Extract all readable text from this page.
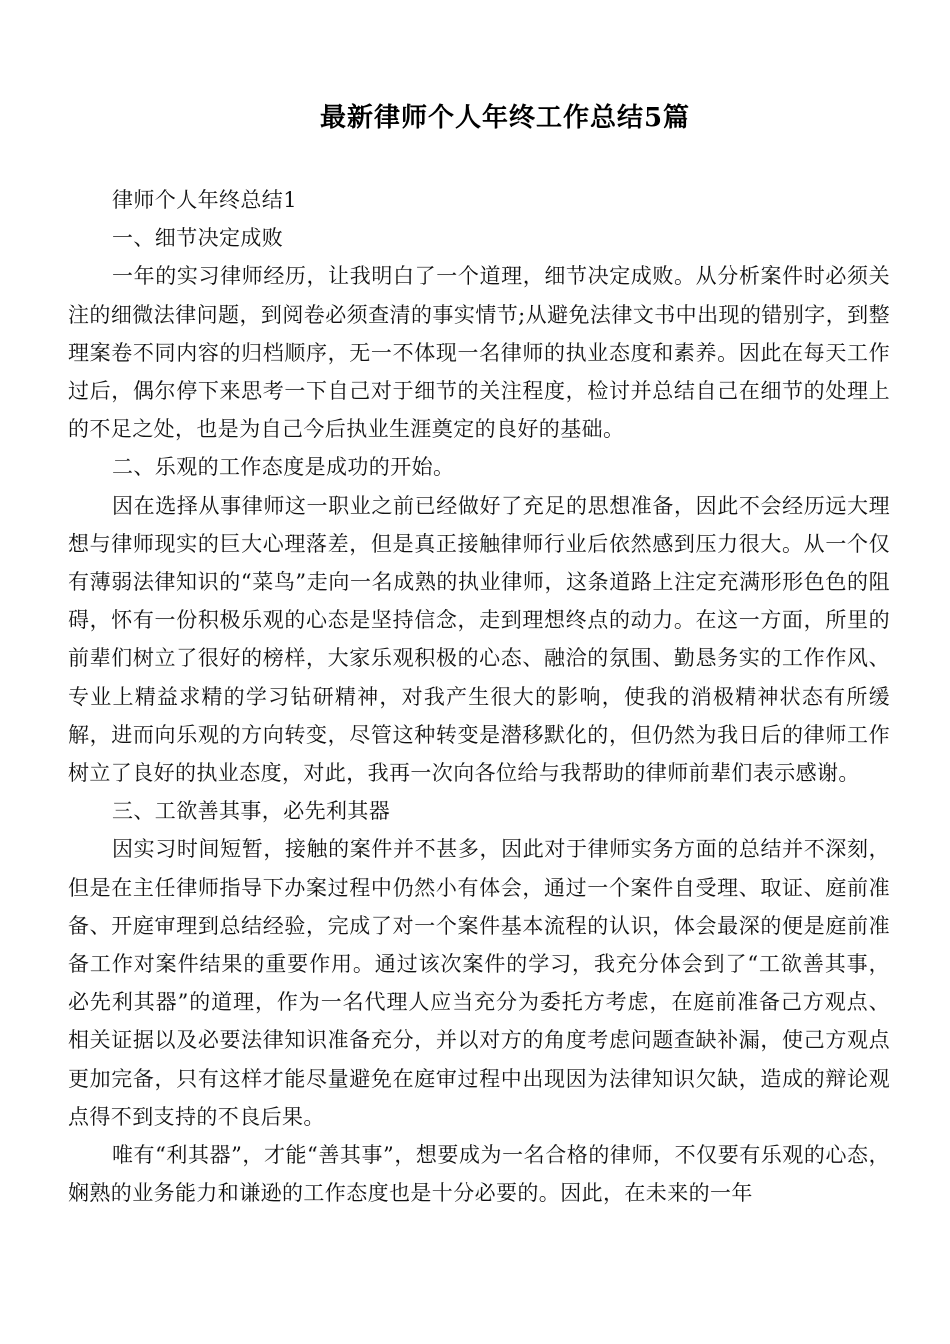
最新律师个人年终工作总结5篇

律师个人年终总结1

一、细节决定成败

一年的实习律师经历，让我明白了一个道理，细节决定成败。从分析案件时必须关注的细微法律问题，到阅卷必须查清的事实情节;从避免法律文书中出现的错别字，到整理案卷不同内容的归档顺序，无一不体现一名律师的执业态度和素养。因此在每天工作过后，偶尔停下来思考一下自己对于细节的关注程度，检讨并总结自己在细节的处理上的不足之处，也是为自己今后执业生涯奠定的良好的基础。

二、乐观的工作态度是成功的开始。

因在选择从事律师这一职业之前已经做好了充足的思想准备，因此不会经历远大理想与律师现实的巨大心理落差，但是真正接触律师行业后依然感到压力很大。从一个仅有薄弱法律知识的“菜鸟”走向一名成熟的执业律师，这条道路上注定充满形形色色的阻碍，怀有一份积极乐观的心态是坚持信念，走到理想终点的动力。在这一方面，所里的前辈们树立了很好的榜样，大家乐观积极的心态、融洽的氛围、勤恳务实的工作作风、专业上精益求精的学习钻研精神，对我产生很大的影响，使我的消极精神状态有所缓解，进而向乐观的方向转变，尽管这种转变是潜移默化的，但仍然为我日后的律师工作树立了良好的执业态度，对此，我再一次向各位给与我帮助的律师前辈们表示感谢。

三、工欲善其事，必先利其器

因实习时间短暂，接触的案件并不甚多，因此对于律师实务方面的总结并不深刻，但是在主任律师指导下办案过程中仍然小有体会，通过一个案件自受理、取证、庭前准备、开庭审理到总结经验，完成了对一个案件基本流程的认识，体会最深的便是庭前准备工作对案件结果的重要作用。通过该次案件的学习，我充分体会到了“工欲善其事，必先利其器”的道理，作为一名代理人应当充分为委托方考虑，在庭前准备己方观点、相关证据以及必要法律知识准备充分，并以对方的角度考虑问题查缺补漏，使己方观点更加完备，只有这样才能尽量避免在庭审过程中出现因为法律知识欠缺，造成的辩论观点得不到支持的不良后果。

唯有“利其器”，才能“善其事”，想要成为一名合格的律师，不仅要有乐观的心态，娴熟的业务能力和谦逊的工作态度也是十分必要的。因此，在未来的一年
